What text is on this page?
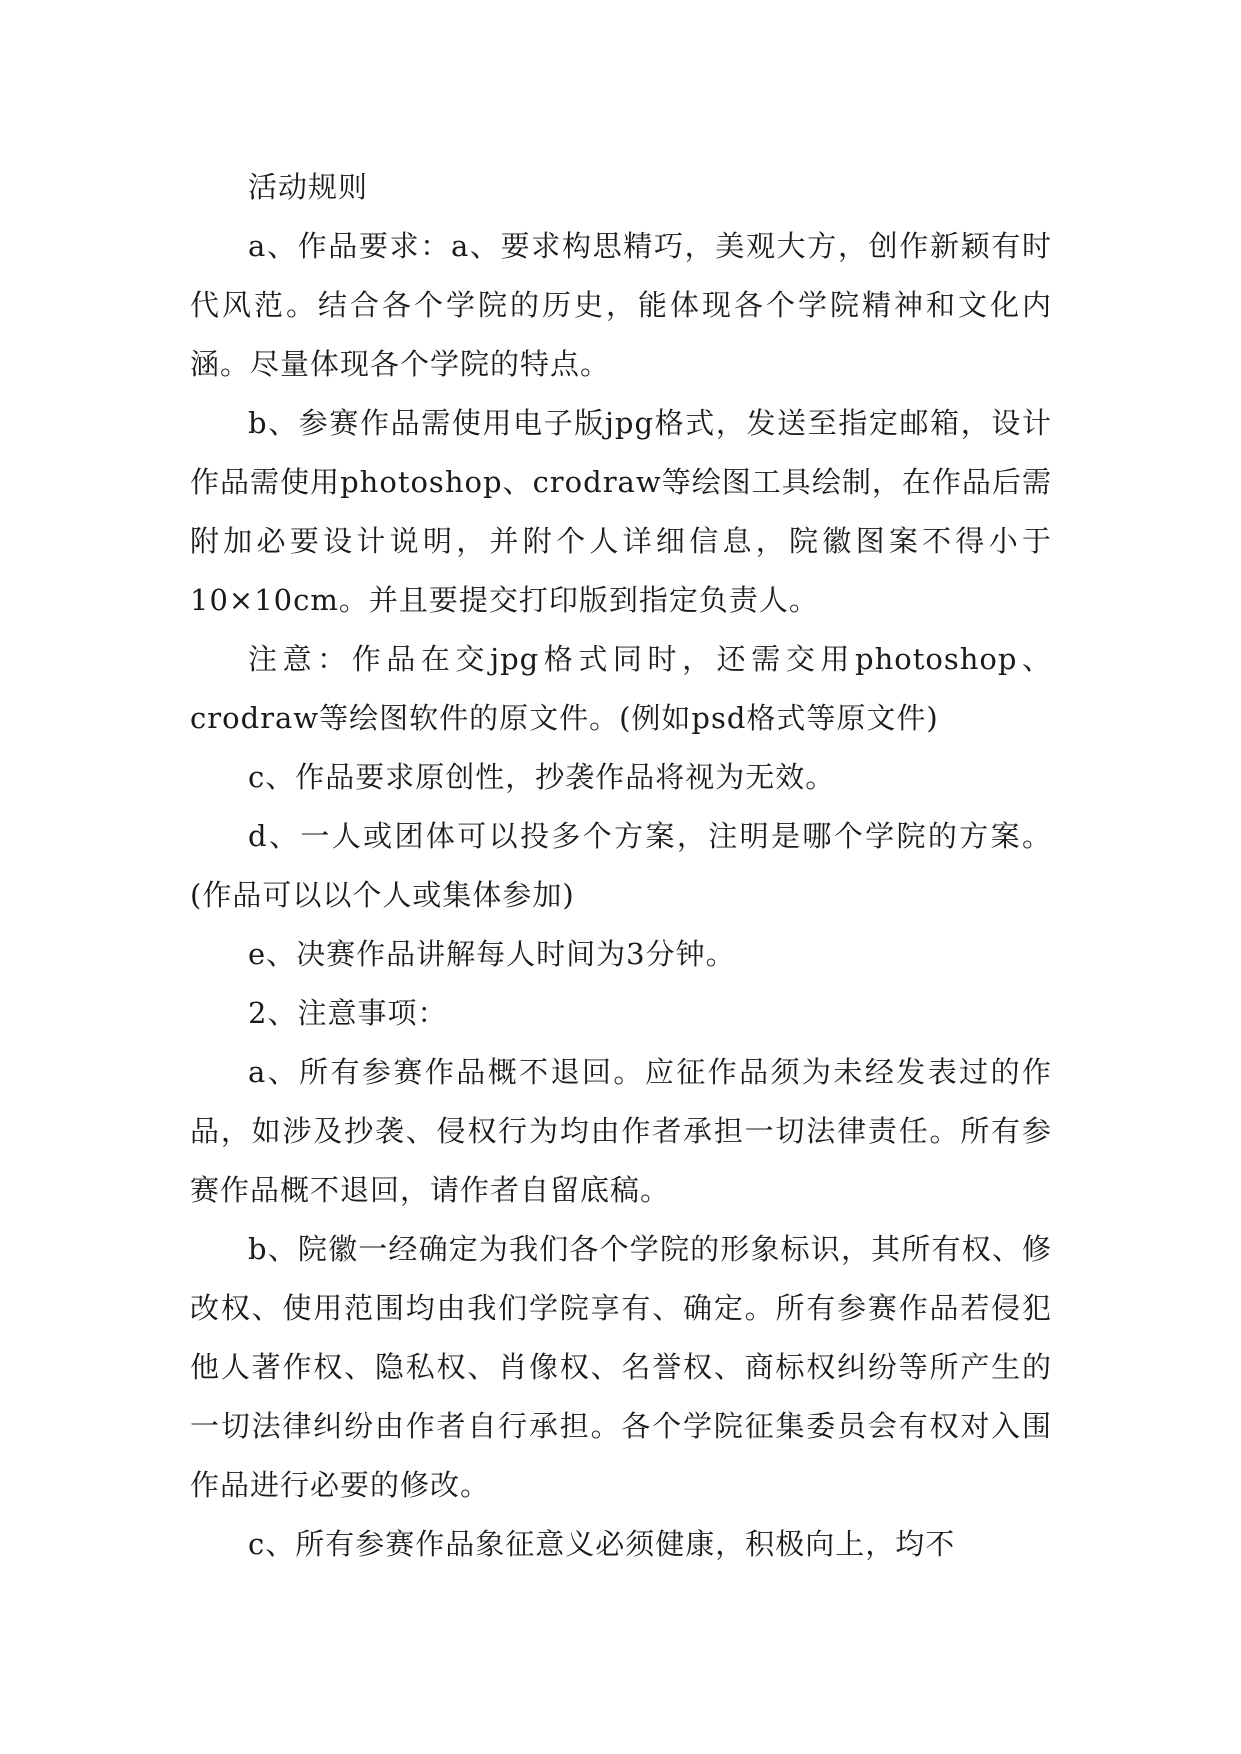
活动规则

a、作品要求：a、要求构思精巧，美观大方，创作新颖有时代风范。结合各个学院的历史，能体现各个学院精神和文化内涵。尽量体现各个学院的特点。

b、参赛作品需使用电子版jpg格式，发送至指定邮箱，设计作品需使用photoshop、crodraw等绘图工具绘制，在作品后需附加必要设计说明，并附个人详细信息，院徽图案不得小于10×10cm。并且要提交打印版到指定负责人。

注意：作品在交jpg格式同时，还需交用photoshop、crodraw等绘图软件的原文件。(例如psd格式等原文件)

c、作品要求原创性，抄袭作品将视为无效。

d、一人或团体可以投多个方案，注明是哪个学院的方案。(作品可以以个人或集体参加)

e、决赛作品讲解每人时间为3分钟。

2、注意事项：

a、所有参赛作品概不退回。应征作品须为未经发表过的作品，如涉及抄袭、侵权行为均由作者承担一切法律责任。所有参赛作品概不退回，请作者自留底稿。

b、院徽一经确定为我们各个学院的形象标识，其所有权、修改权、使用范围均由我们学院享有、确定。所有参赛作品若侵犯他人著作权、隐私权、肖像权、名誉权、商标权纠纷等所产生的一切法律纠纷由作者自行承担。各个学院征集委员会有权对入围作品进行必要的修改。

c、所有参赛作品象征意义必须健康，积极向上，均不
